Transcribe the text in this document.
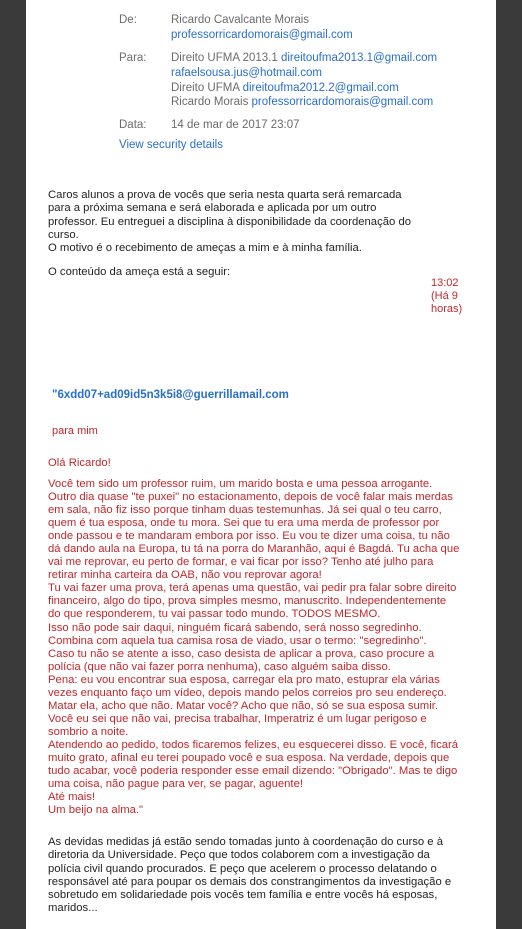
De:	Ricardo Cavalcante Morais
professorricardomorais@gmail.com
Para: Direito UFMA 2013.1 direitoufma2013.1@gmail.com
rafaelsousa.jus@hotmail.com
Direito UFMA direitoufma2012.2@gmail.com
Ricardo Morais professorricardomorais@gmail.com
Data: 14 de mar de 2017 23:07
View security details
Caros alunos a prova de vocês que seria nesta quarta será remarcada
para a próxima semana e será elaborada e aplicada por um outro
professor. Eu entreguei a disciplina à disponibilidade da coordenação do
curso.
O motivo é o recebimento de ameças a mim e à minha família.
O conteúdo da ameça está a seguir:
13:02
(Há 9
horas)
"6xdd07+ad09id5n3k5i8@guerrillamail.com
para mim
Olá Ricardo!
Você tem sido um professor ruim, um marido bosta e uma pessoa arrogante.
Outro dia quase "te puxei" no estacionamento, depois de você falar mais merdas
em sala, não fiz isso porque tinham duas testemunhas. Já sei qual o teu carro,
quem é tua esposa, onde tu mora. Sei que tu era uma merda de professor por
onde passou e te mandaram embora por isso. Eu vou te dizer uma coisa, tu não
dá dando aula na Europa, tu tá na porra do Maranhão, aqui é Bagdá. Tu acha que
vai me reprovar, eu perto de formar, e vai ficar por isso? Tenho até julho para
retirar minha carteira da OAB, não vou reprovar agora!
Tu vai fazer uma prova, terá apenas uma questão, vai pedir pra falar sobre direito
financeiro, algo do tipo, prova simples mesmo, manuscrito. Independentemente
do que responderem, tu vai passar todo mundo. TODOS MESMO.
Isso não pode sair daqui, ninguém ficará sabendo, será nosso segredinho.
Combina com aquela tua camisa rosa de viado, usar o termo: "segredinho".
Caso tu não se atente a isso, caso desista de aplicar a prova, caso procure a
polícia (que não vai fazer porra nenhuma), caso alguém saiba disso.
Pena: eu vou encontrar sua esposa, carregar ela pro mato, estuprar ela várias
vezes enquanto faço um vídeo, depois mando pelos correios pro seu endereço.
Matar ela, acho que não. Matar você? Acho que não, só se sua esposa sumir.
Você eu sei que não vai, precisa trabalhar, Imperatriz é um lugar perigoso e
sombrio a noite.
Atendendo ao pedido, todos ficaremos felizes, eu esquecerei disso. E você, ficará
muito grato, afinal eu terei poupado você e sua esposa. Na verdade, depois que
tudo acabar, você poderia responder esse email dizendo: "Obrigado". Mas te digo
uma coisa, não pague para ver, se pagar, aguente!
Até mais!
Um beijo na alma."
As devidas medidas já estão sendo tomadas junto à coordenação do curso e à
diretoria da Universidade. Peço que todos colaborem com a investigação da
polícia civil quando procurados. E peço que acelerem o processo delatando o
responsável até para poupar os demais dos constrangimentos da investigação e
sobretudo em solidariedade pois vocês tem família e entre vocês há esposas,
maridos...
